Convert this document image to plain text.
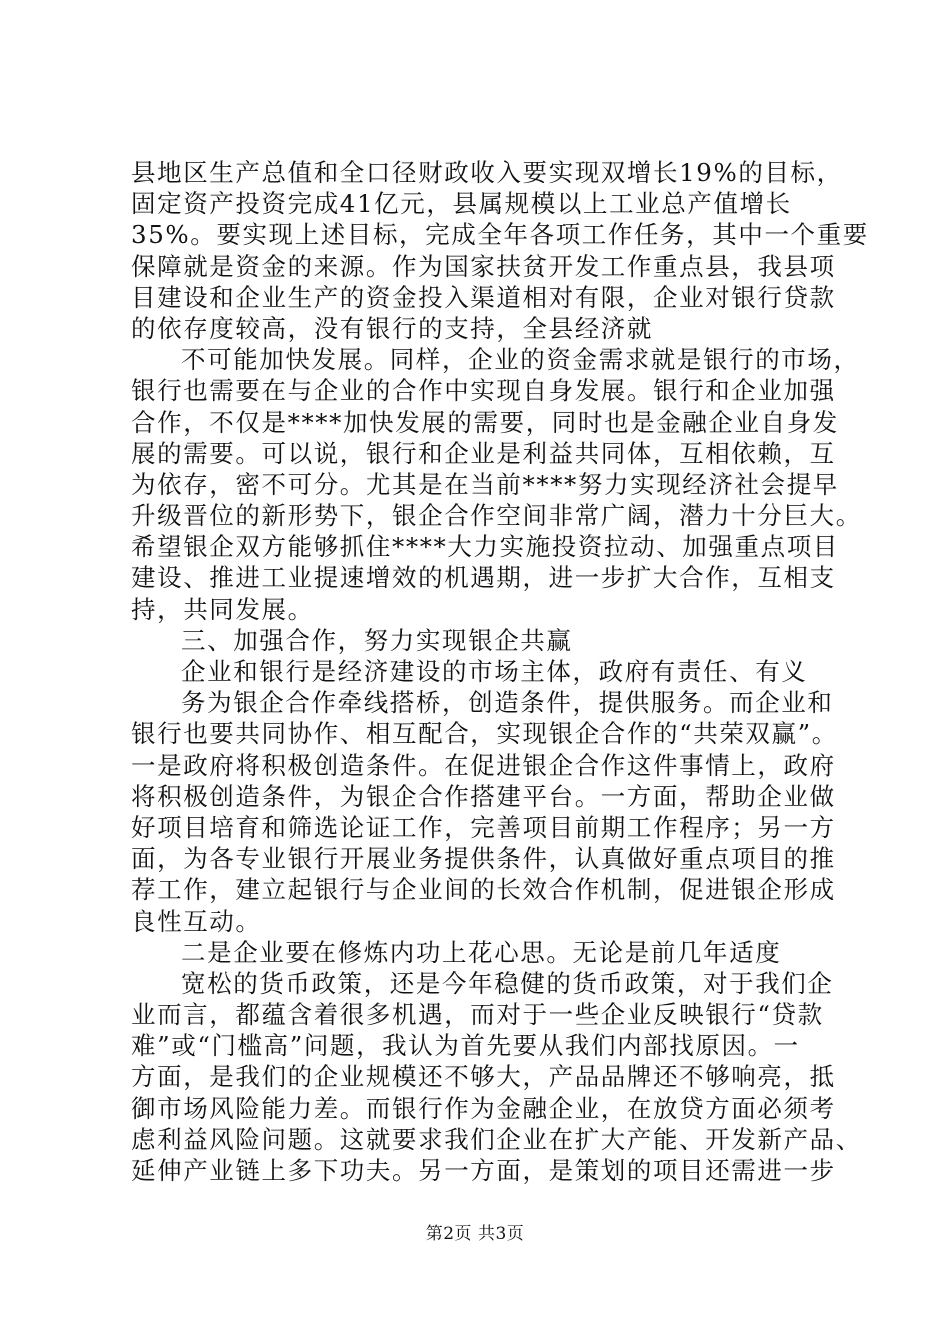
县地区生产总值和全口径财政收入要实现双增长19%的目标，
固定资产投资完成41亿元，县属规模以上工业总产值增长
35%。要实现上述目标，完成全年各项工作任务，其中一个重要
保障就是资金的来源。作为国家扶贫开发工作重点县，我县项
目建设和企业生产的资金投入渠道相对有限，企业对银行贷款
的依存度较高，没有银行的支持，全县经济就
不可能加快发展。同样，企业的资金需求就是银行的市场，
银行也需要在与企业的合作中实现自身发展。银行和企业加强
合作，不仅是****加快发展的需要，同时也是金融企业自身发
展的需要。可以说，银行和企业是利益共同体，互相依赖，互
为依存，密不可分。尤其是在当前****努力实现经济社会提早
升级晋位的新形势下，银企合作空间非常广阔，潜力十分巨大。
希望银企双方能够抓住****大力实施投资拉动、加强重点项目
建设、推进工业提速增效的机遇期，进一步扩大合作，互相支
持，共同发展。
三、加强合作，努力实现银企共赢
企业和银行是经济建设的市场主体，政府有责任、有义
务为银企合作牵线搭桥，创造条件，提供服务。而企业和
银行也要共同协作、相互配合，实现银企合作的“共荣双赢”。
一是政府将积极创造条件。在促进银企合作这件事情上，政府
将积极创造条件，为银企合作搭建平台。一方面，帮助企业做
好项目培育和筛选论证工作，完善项目前期工作程序；另一方
面，为各专业银行开展业务提供条件，认真做好重点项目的推
荐工作，建立起银行与企业间的长效合作机制，促进银企形成
良性互动。
二是企业要在修炼内功上花心思。无论是前几年适度
宽松的货币政策，还是今年稳健的货币政策，对于我们企
业而言，都蕴含着很多机遇，而对于一些企业反映银行“贷款
难”或“门槛高”问题，我认为首先要从我们内部找原因。一
方面，是我们的企业规模还不够大，产品品牌还不够响亮，抵
御市场风险能力差。而银行作为金融企业，在放贷方面必须考
虑利益风险问题。这就要求我们企业在扩大产能、开发新产品、
延伸产业链上多下功夫。另一方面，是策划的项目还需进一步
第2页 共3页
